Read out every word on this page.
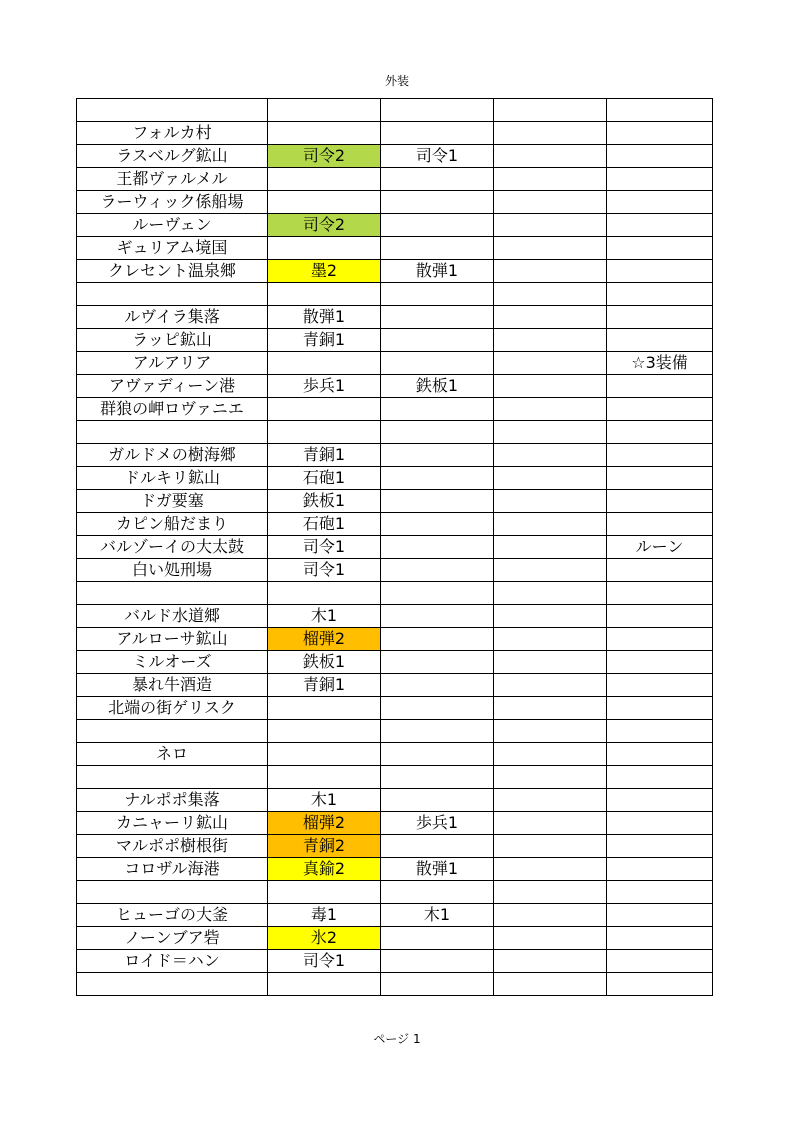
外装

フォルカ村				
ラスベルグ鉱山	司令2	司令1		
王都ヴァルメル				
ラーウィック係船場				
ルーヴェン	司令2			
ギュリアム境国				
クレセント温泉郷	墨2	散弾1		

ルヴイラ集落	散弾1			
ラッピ鉱山	青銅1			
アルアリア				☆3装備
アヴァディーン港	歩兵1	鉄板1		
群狼の岬ロヴァニエ				

ガルドメの樹海郷	青銅1			
ドルキリ鉱山	石砲1			
ドガ要塞	鉄板1			
カピン船だまり	石砲1			
バルゾーイの大太鼓	司令1			ルーン
白い処刑場	司令1			

バルド水道郷	木1			
アルローサ鉱山	榴弾2			
ミルオーズ	鉄板1			
暴れ牛酒造	青銅1			
北端の街ゲリスク				

ネロ				

ナルポポ集落	木1			
カニャーリ鉱山	榴弾2	歩兵1		
マルポポ樹根街	青銅2			
コロザル海港	真鍮2	散弾1		

ヒューゴの大釜	毒1	木1		
ノーンブア砦	氷2			
ロイド＝ハン	司令1			

ページ 1
